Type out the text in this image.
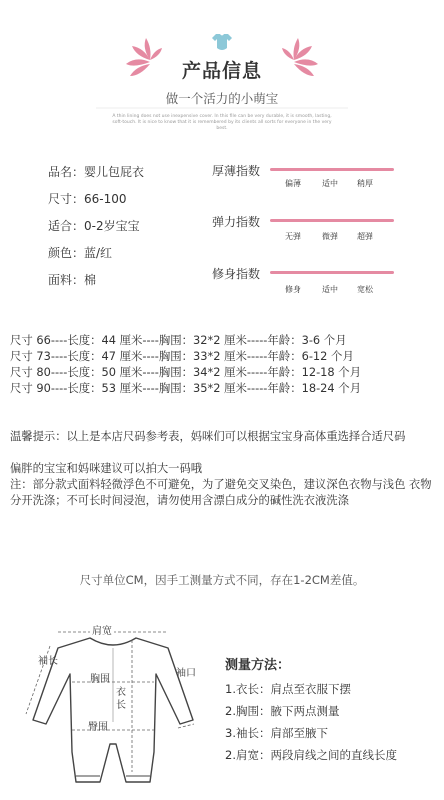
产品信息
做一个活力的小萌宝
A thin lining does not use inexpensive cover. In this file can be very durable, it is smooth, lasting, soft-touch. It is nice to know that it is remembered by its clients all sorts for everyone in the very best.
品名：婴儿包屁衣
尺寸：66-100
适合：0-2岁宝宝
颜色：蓝/红
面料：棉
厚薄指数
偏薄	适中 稍厚
弹力指数
无弹	微弹 超弹
修身指数
修身	适中 宽松
尺寸 66----长度：44 厘米----胸围：32*2 厘米-----年龄：3-6 个月
尺寸 73----长度：47 厘米----胸围：33*2 厘米-----年龄：6-12 个月
尺寸 80----长度：50 厘米----胸围：34*2 厘米-----年龄：12-18 个月
尺寸 90----长度：53 厘米----胸围：35*2 厘米-----年龄：18-24 个月
温馨提示：以上是本店尺码参考表，妈咪们可以根据宝宝身高体重选择合适尺码
偏胖的宝宝和妈咪建议可以拍大一码哦
注：部分款式面料轻微浮色不可避免，为了避免交叉染色，建议深色衣物与浅色 衣物分开洗涤；不可长时间浸泡，请勿使用含漂白成分的碱性洗衣液洗涤
尺寸单位CM，因手工测量方式不同，存在1-2CM差值。
肩宽
袖长
胸围
袖口
衣长
臀围
测量方法：
1.衣长：肩点至衣服下摆
2.胸围：腋下两点测量
3.袖长：肩部至腋下
2.肩宽：两段肩线之间的直线长度
